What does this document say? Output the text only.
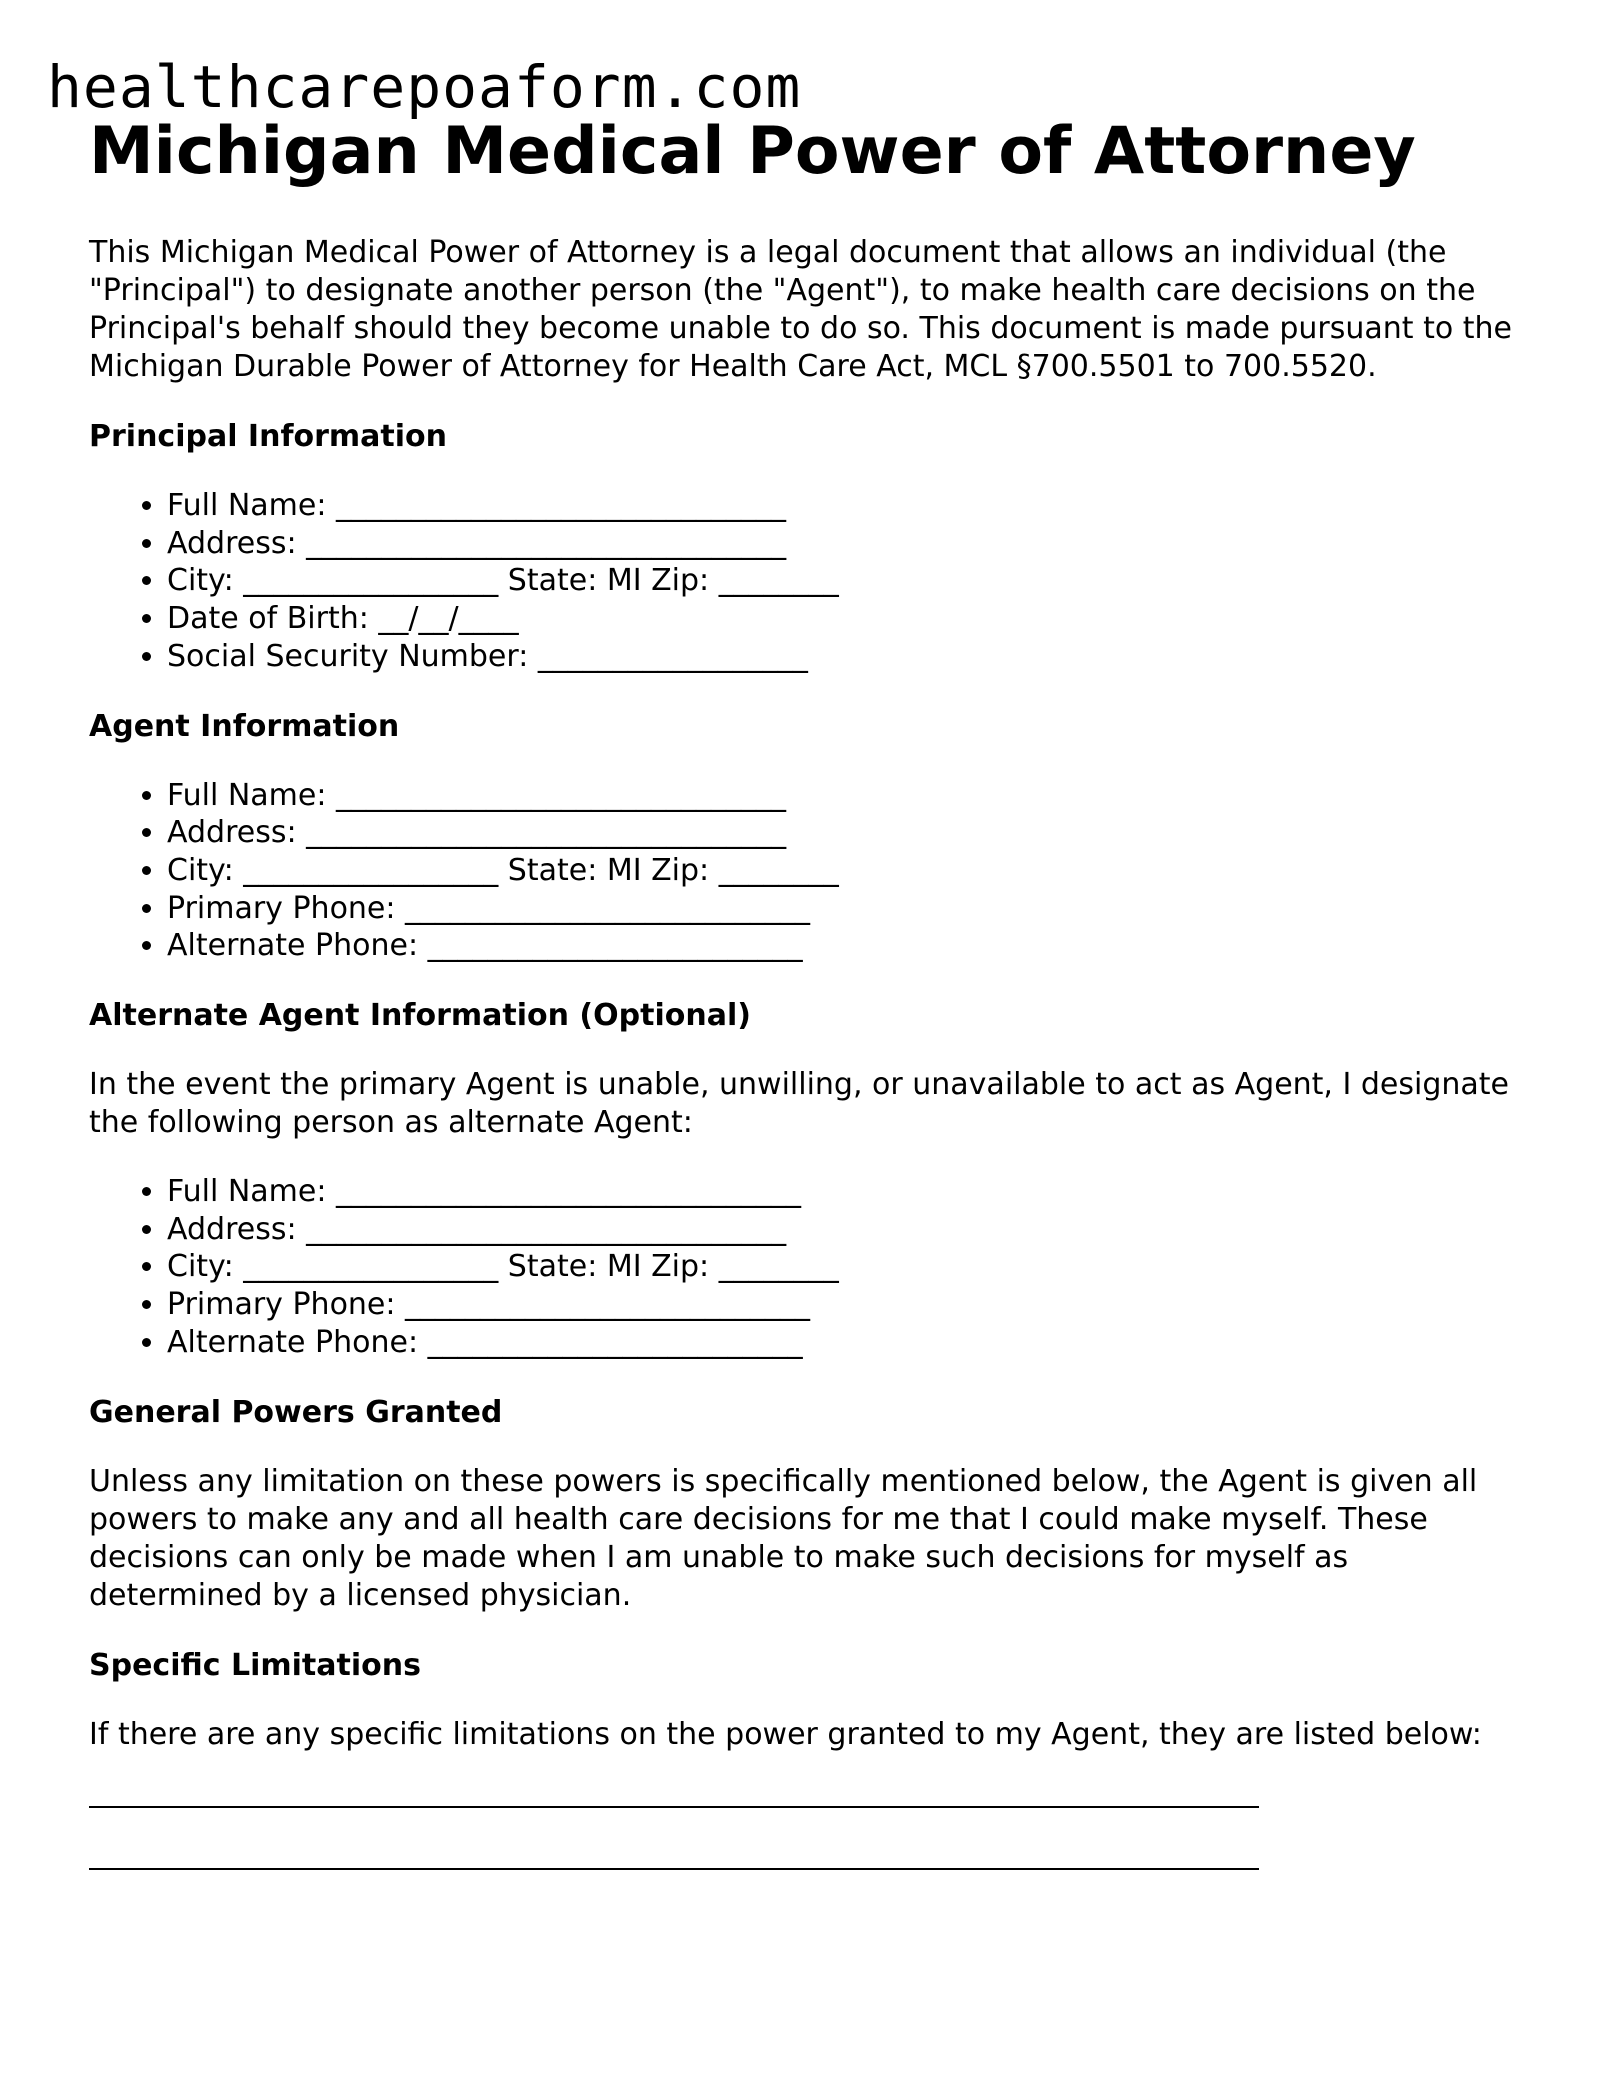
healthcarepoaform.com
Michigan Medical Power of Attorney

This Michigan Medical Power of Attorney is a legal document that allows an individual (the "Principal") to designate another person (the "Agent"), to make health care decisions on the Principal's behalf should they become unable to do so. This document is made pursuant to the Michigan Durable Power of Attorney for Health Care Act, MCL §700.5501 to 700.5520.

Principal Information
• Full Name: ______________________________
• Address: ________________________________
• City: _________________ State: MI Zip: ________
• Date of Birth: __/__/____
• Social Security Number: __________________
Agent Information
• Full Name: ______________________________
• Address: ________________________________
• City: _________________ State: MI Zip: ________
• Primary Phone: ___________________________
• Alternate Phone: _________________________
Alternate Agent Information (Optional)

In the event the primary Agent is unable, unwilling, or unavailable to act as Agent, I designate the following person as alternate Agent:

• Full Name: _______________________________
• Address: ________________________________
• City: _________________ State: MI Zip: ________
• Primary Phone: ___________________________
• Alternate Phone: _________________________
General Powers Granted

Unless any limitation on these powers is specifically mentioned below, the Agent is given all powers to make any and all health care decisions for me that I could make myself. These decisions can only be made when I am unable to make such decisions for myself as determined by a licensed physician.

Specific Limitations

If there are any specific limitations on the power granted to my Agent, they are listed below:
